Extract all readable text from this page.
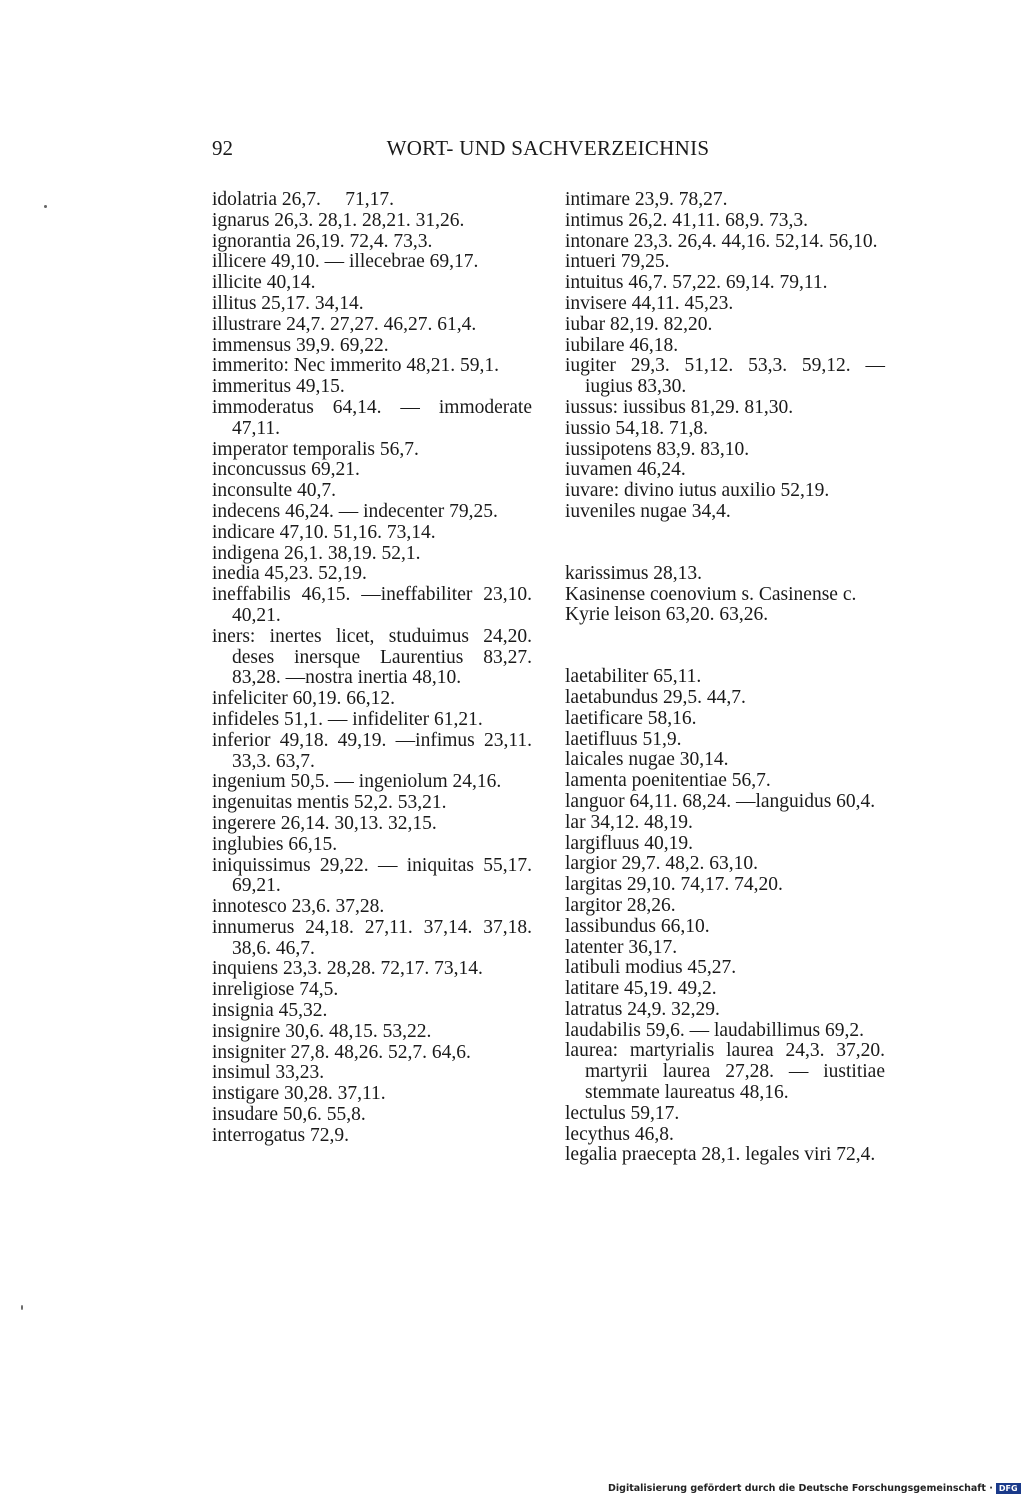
92	WORT- UND SACHVERZEICHNIS
idolatria 26,7.  71,17.
ignarus 26,3. 28,1. 28,21. 31,26.
ignorantia 26,19. 72,4. 73,3.
illicere 49,10. — illecebrae 69,17.
illicite 40,14.
illitus 25,17. 34,14.
illustrare 24,7. 27,27. 46,27. 61,4.
immensus 39,9. 69,22.
immerito: Nec immerito 48,21. 59,1.
immeritus 49,15.
immoderatus 64,14. — immoderate 47,11.
imperator temporalis 56,7.
inconcussus 69,21.
inconsulte 40,7.
indecens 46,24. — indecenter 79,25.
indicare 47,10. 51,16. 73,14.
indigena 26,1. 38,19. 52,1.
inedia 45,23. 52,19.
ineffabilis 46,15. —ineffabiliter 23,10. 40,21.
iners: inertes licet, studuimus 24,20. deses inersque Laurentius 83,27. 83,28. —nostra inertia 48,10.
infeliciter 60,19. 66,12.
infideles 51,1. — infideliter 61,21.
inferior 49,18. 49,19. —infimus 23,11. 33,3. 63,7.
ingenium 50,5. — ingeniolum 24,16.
ingenuitas mentis 52,2. 53,21.
ingerere 26,14. 30,13. 32,15.
inglubies 66,15.
iniquissimus 29,22. — iniquitas 55,17. 69,21.
innotesco 23,6. 37,28.
innumerus 24,18. 27,11. 37,14. 37,18. 38,6. 46,7.
inquiens 23,3. 28,28. 72,17. 73,14.
inreligiose 74,5.
insignia 45,32.
insignire 30,6. 48,15. 53,22.
insigniter 27,8. 48,26. 52,7. 64,6.
insimul 33,23.
instigare 30,28. 37,11.
insudare 50,6. 55,8.
interrogatus 72,9.
intimare 23,9. 78,27.
intimus 26,2. 41,11. 68,9. 73,3.
intonare 23,3. 26,4. 44,16. 52,14. 56,10.
intueri 79,25.
intuitus 46,7. 57,22. 69,14. 79,11.
invisere 44,11. 45,23.
iubar 82,19. 82,20.
iubilare 46,18.
iugiter 29,3. 51,12. 53,3. 59,12. — iugius 83,30.
iussus: iussibus 81,29. 81,30.
iussio 54,18. 71,8.
iussipotens 83,9. 83,10.
iuvamen 46,24.
iuvare: divino iutus auxilio 52,19.
iuveniles nugae 34,4.
karissimus 28,13.
Kasinense coenovium s. Casinense c.
Kyrie leison 63,20. 63,26.
laetabiliter 65,11.
laetabundus 29,5. 44,7.
laetificare 58,16.
laetifluus 51,9.
laicales nugae 30,14.
lamenta poenitentiae 56,7.
languor 64,11. 68,24. —languidus 60,4.
lar 34,12. 48,19.
largifluus 40,19.
largior 29,7. 48,2. 63,10.
largitas 29,10. 74,17. 74,20.
largitor 28,26.
lassibundus 66,10.
latenter 36,17.
latibuli modius 45,27.
latitare 45,19. 49,2.
latratus 24,9. 32,29.
laudabilis 59,6. — laudabillimus 69,2.
laurea: martyrialis laurea 24,3. 37,20. martyrii laurea 27,28. — iustitiae stemmate laureatus 48,16.
lectulus 59,17.
lecythus 46,8.
legalia praecepta 28,1. legales viri 72,4.
Digitalisierung gefördert durch die Deutsche Forschungsgemeinschaft · DFG
